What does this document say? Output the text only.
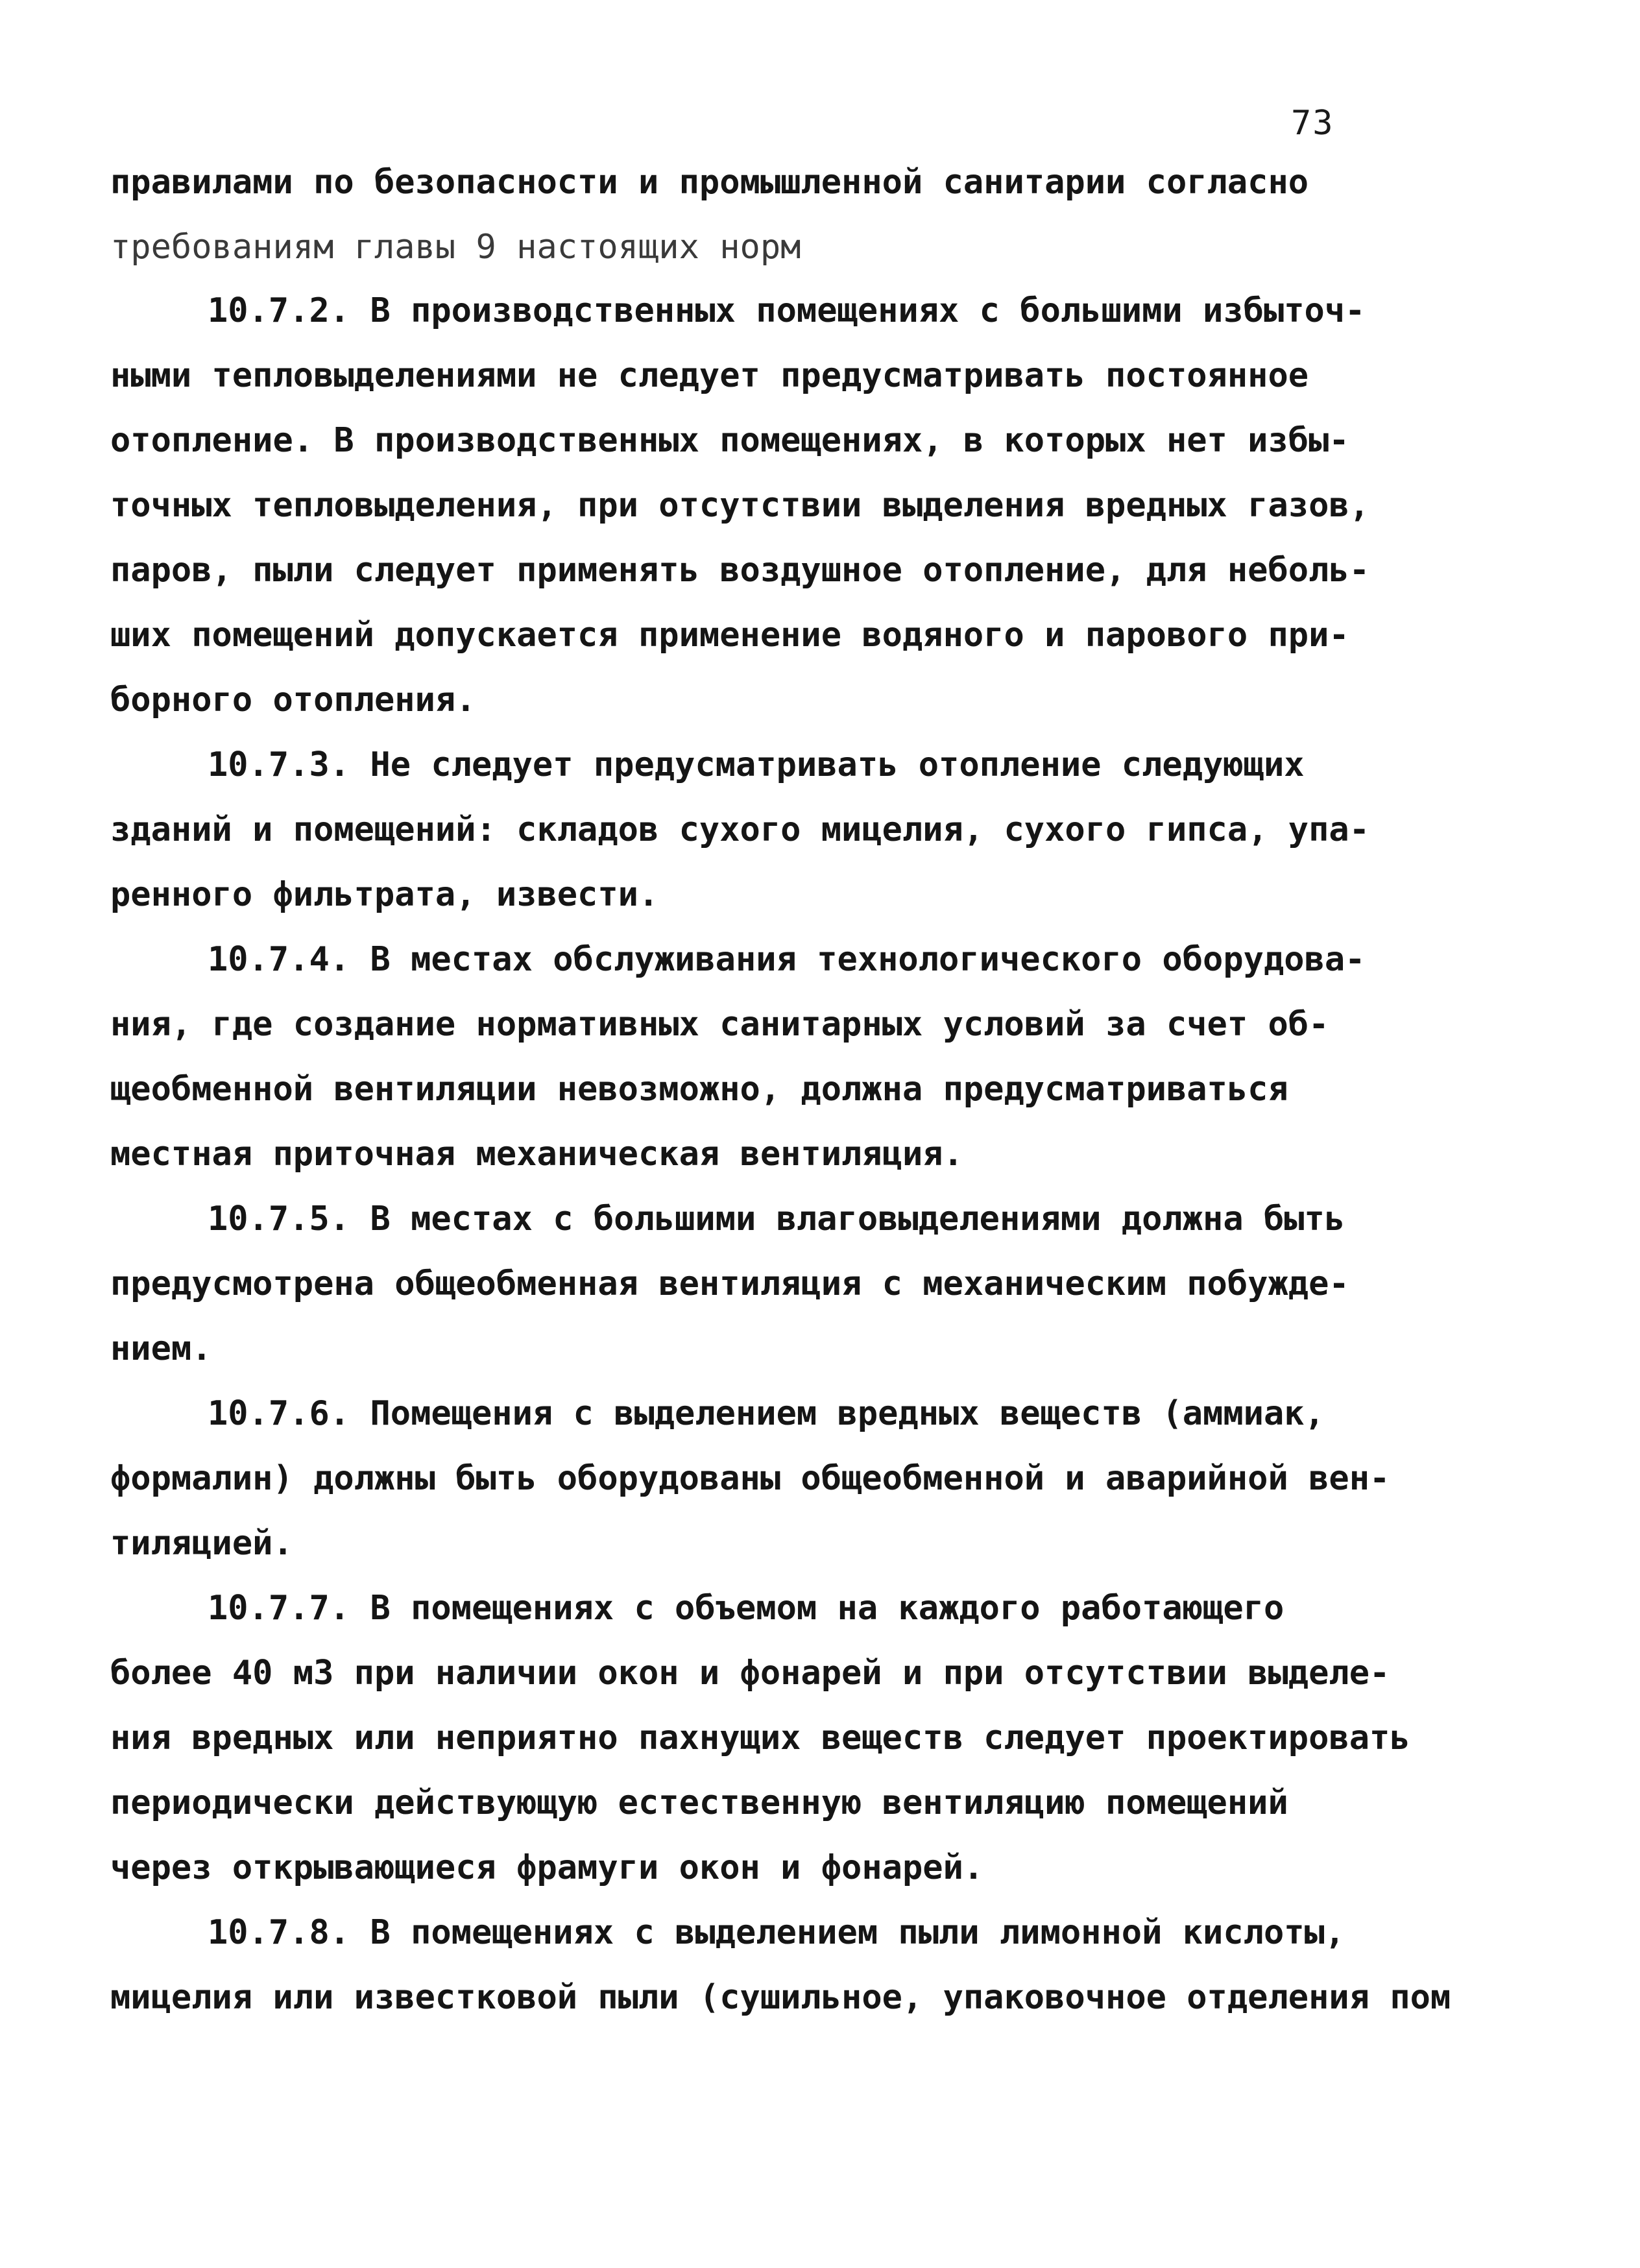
73
правилами по безопасности и промышленной санитарии согласно
требованиям главы 9 настоящих норм
10.7.2. В производственных помещениях с большими избыточ-
ными тепловыделениями не следует предусматривать постоянное
отопление. В производственных помещениях, в которых нет избы-
точных тепловыделения, при отсутствии выделения вредных газов,
паров, пыли следует применять воздушное отопление, для неболь-
ших помещений допускается применение водяного и парового при-
борного отопления.
10.7.3. Не следует предусматривать отопление следующих
зданий и помещений: складов сухого мицелия, сухого гипса, упа-
ренного фильтрата, извести.
10.7.4. В местах обслуживания технологического оборудова-
ния, где создание нормативных санитарных условий за счет об-
щеобменной вентиляции невозможно, должна предусматриваться
местная приточная механическая вентиляция.
10.7.5. В местах с большими влаговыделениями должна быть
предусмотрена общеобменная вентиляция с механическим побужде-
нием.
10.7.6. Помещения с выделением вредных веществ (аммиак,
формалин) должны быть оборудованы общеобменной и аварийной вен-
тиляцией.
10.7.7. В помещениях с объемом на каждого работающего
более 40 м3 при наличии окон и фонарей и при отсутствии выделе-
ния вредных или неприятно пахнущих веществ следует проектировать
периодически действующую естественную вентиляцию помещений
через открывающиеся фрамуги окон и фонарей.
10.7.8. В помещениях с выделением пыли лимонной кислоты,
мицелия или известковой пыли (сушильное, упаковочное отделения пом
